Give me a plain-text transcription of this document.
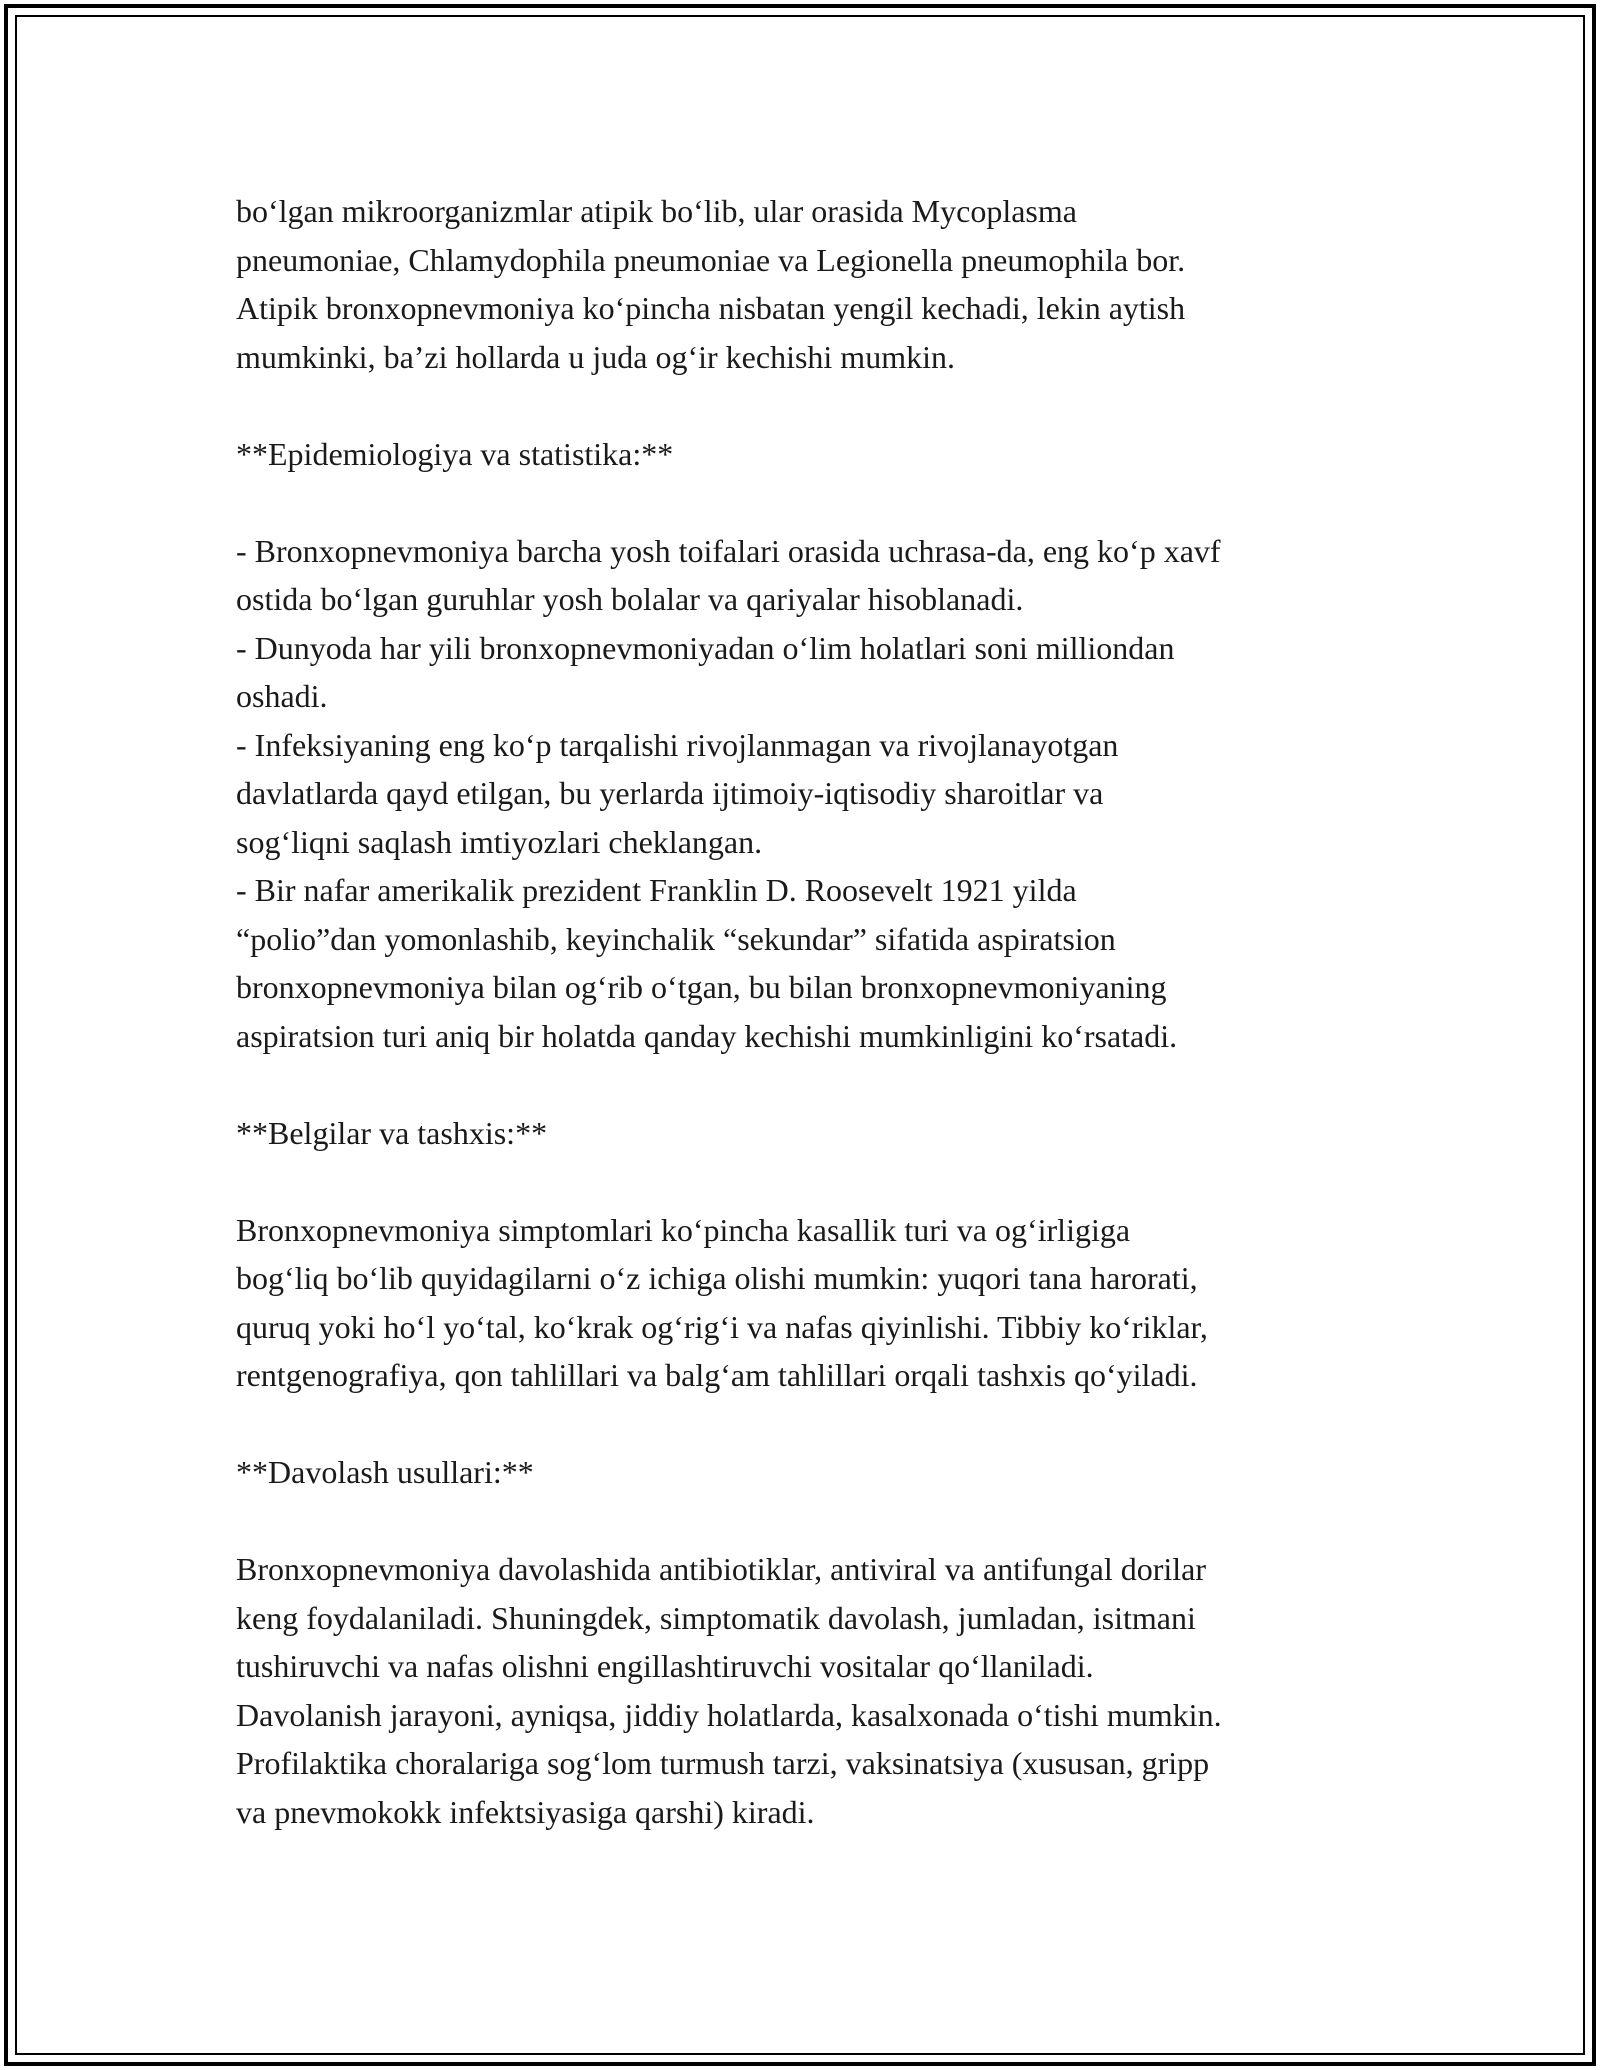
bo‘lgan mikroorganizmlar atipik bo‘lib, ular orasida Mycoplasma
pneumoniae, Chlamydophila pneumoniae va Legionella pneumophila bor.
Atipik bronxopnevmoniya ko‘pincha nisbatan yengil kechadi, lekin aytish
mumkinki, ba’zi hollarda u juda og‘ir kechishi mumkin.
**Epidemiologiya va statistika:**
- Bronxopnevmoniya barcha yosh toifalari orasida uchrasa-da, eng ko‘p xavf
ostida bo‘lgan guruhlar yosh bolalar va qariyalar hisoblanadi.
- Dunyoda har yili bronxopnevmoniyadan o‘lim holatlari soni milliondan
oshadi.
- Infeksiyaning eng ko‘p tarqalishi rivojlanmagan va rivojlanayotgan
davlatlarda qayd etilgan, bu yerlarda ijtimoiy-iqtisodiy sharoitlar va
sog‘liqni saqlash imtiyozlari cheklangan.
- Bir nafar amerikalik prezident Franklin D. Roosevelt 1921 yilda
“polio”dan yomonlashib, keyinchalik “sekundar” sifatida aspiratsion
bronxopnevmoniya bilan og‘rib o‘tgan, bu bilan bronxopnevmoniyaning
aspiratsion turi aniq bir holatda qanday kechishi mumkinligini ko‘rsatadi.
**Belgilar va tashxis:**
Bronxopnevmoniya simptomlari ko‘pincha kasallik turi va og‘irligiga
bog‘liq bo‘lib quyidagilarni o‘z ichiga olishi mumkin: yuqori tana harorati,
quruq yoki ho‘l yo‘tal, ko‘krak og‘rig‘i va nafas qiyinlishi. Tibbiy ko‘riklar,
rentgenografiya, qon tahlillari va balg‘am tahlillari orqali tashxis qo‘yiladi.
**Davolash usullari:**
Bronxopnevmoniya davolashida antibiotiklar, antiviral va antifungal dorilar
keng foydalaniladi. Shuningdek, simptomatik davolash, jumladan, isitmani
tushiruvchi va nafas olishni engillashtiruvchi vositalar qo‘llaniladi.
Davolanish jarayoni, ayniqsa, jiddiy holatlarda, kasalxonada o‘tishi mumkin.
Profilaktika choralariga sog‘lom turmush tarzi, vaksinatsiya (xususan, gripp
va pnevmokokk infektsiyasiga qarshi) kiradi.
